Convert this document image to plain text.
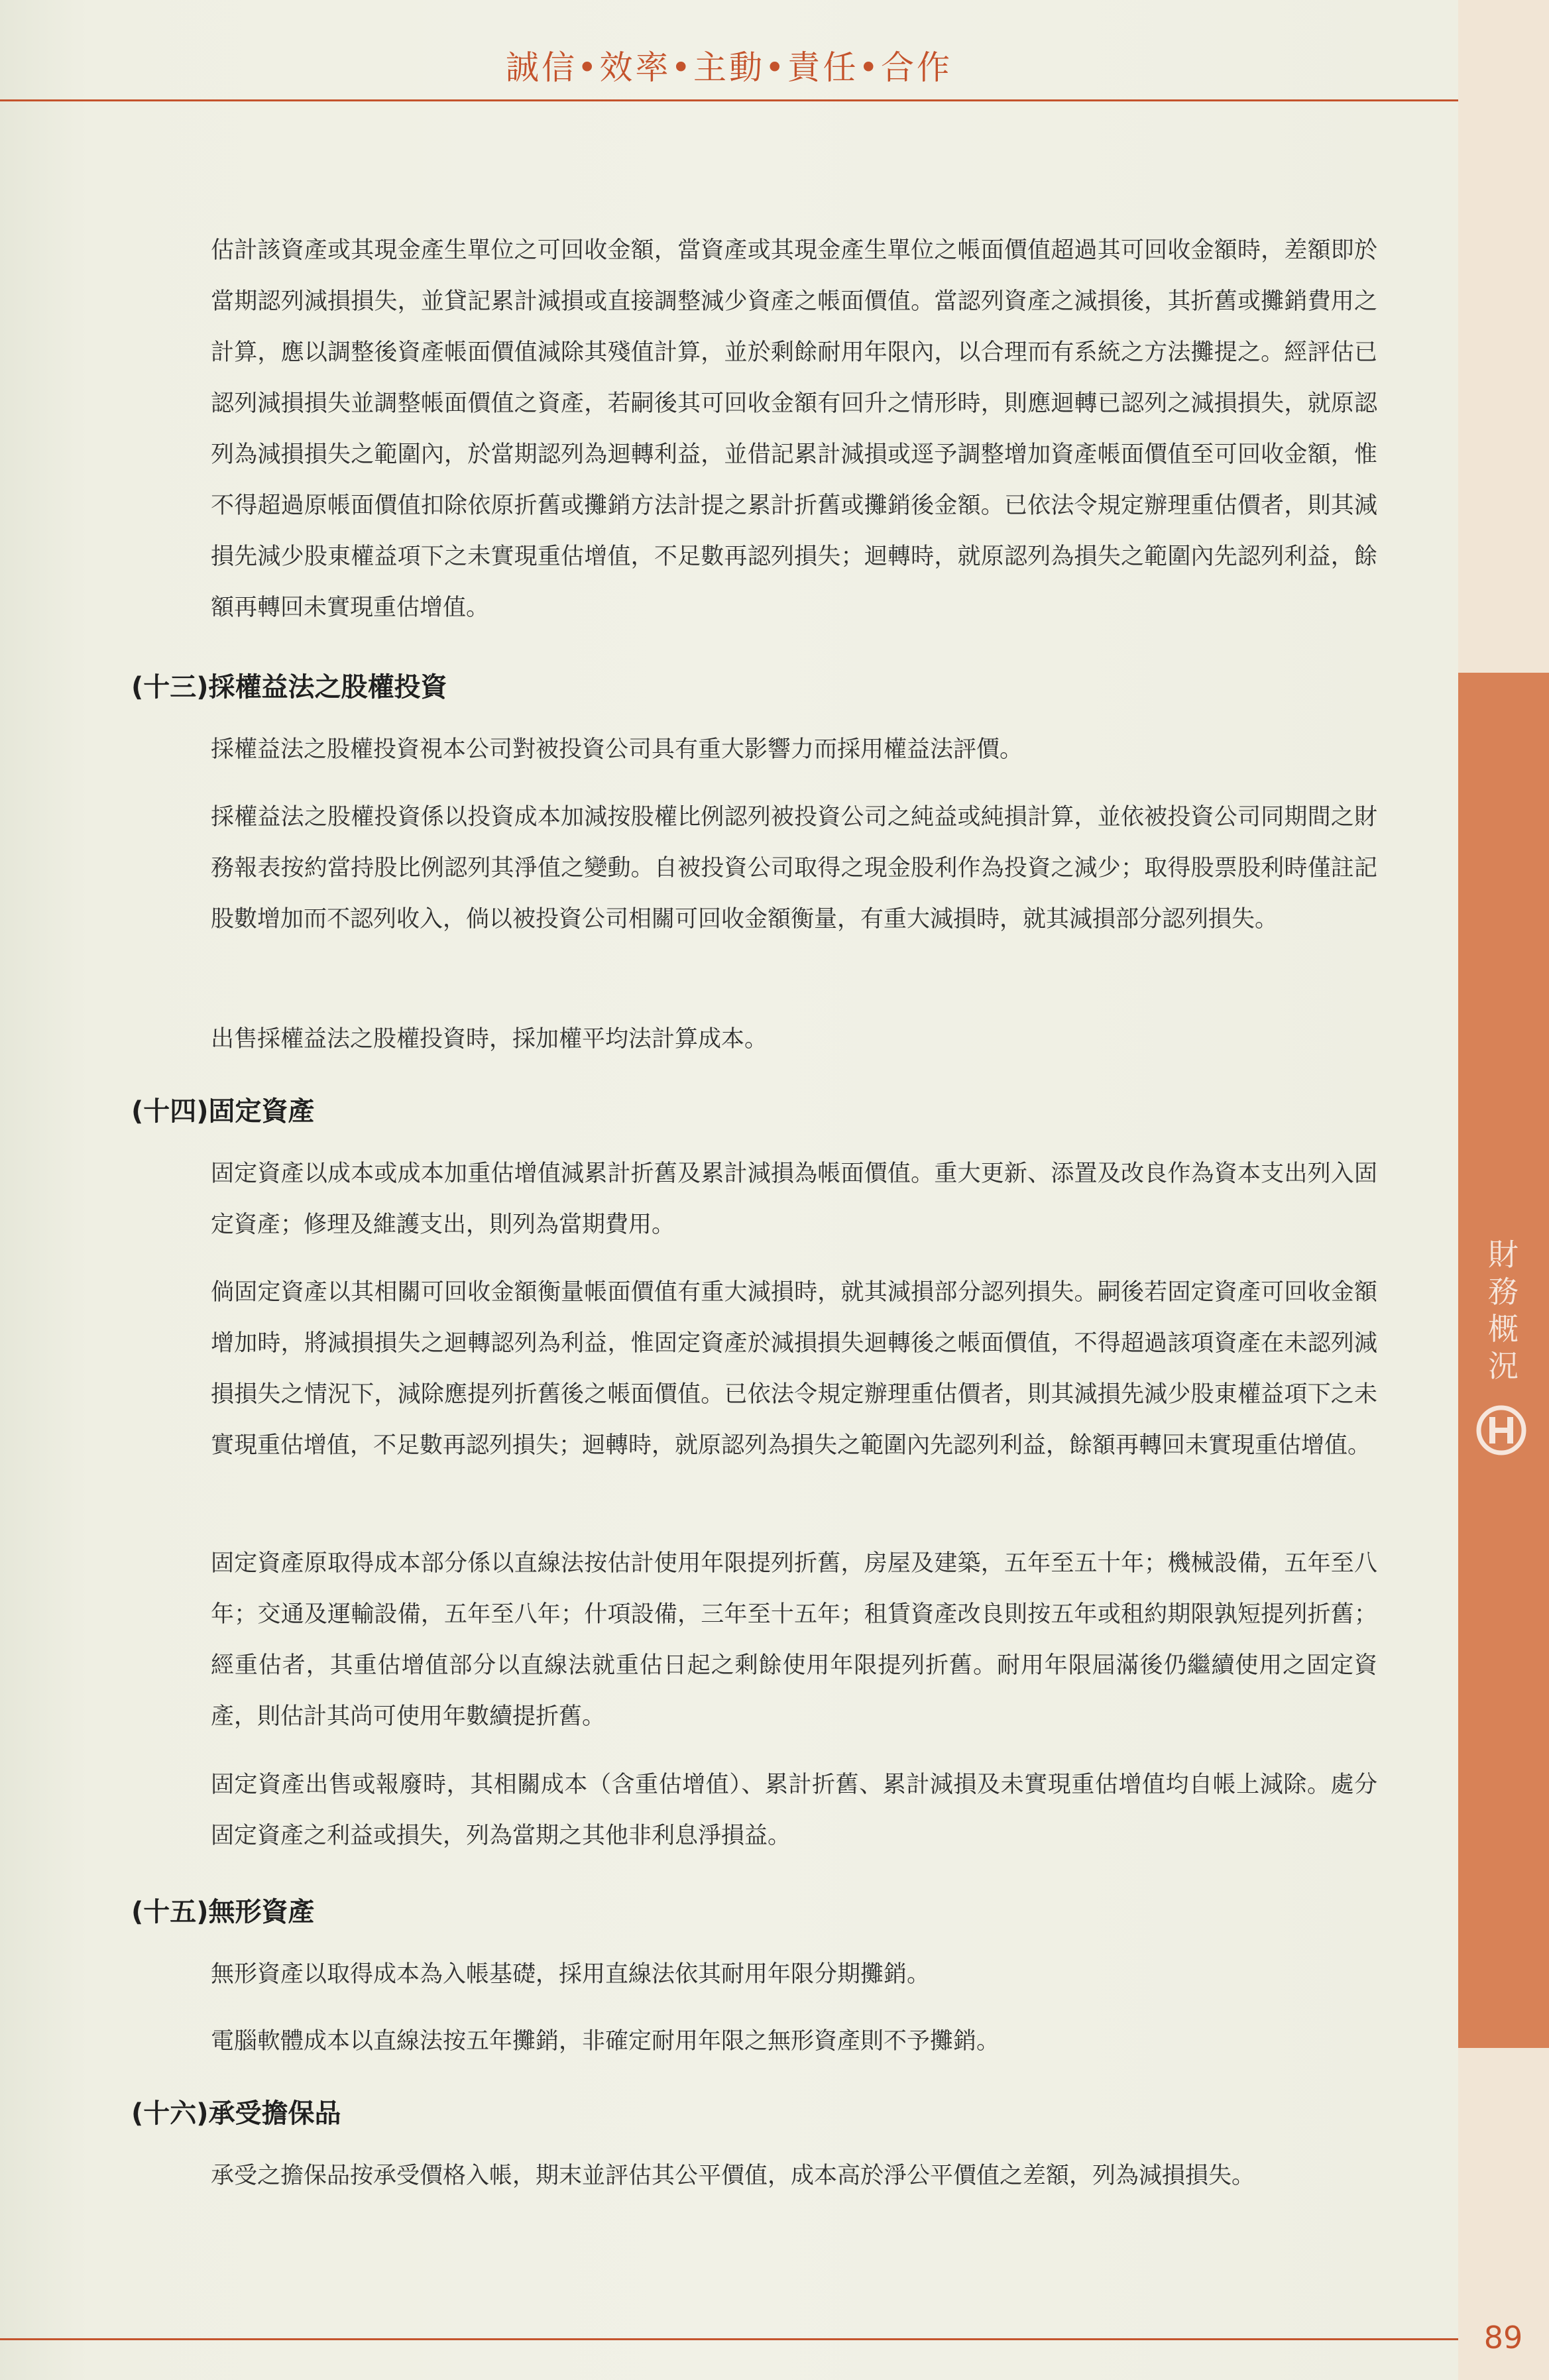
誠信•效率•主動•責任•合作
財
務
概
況
估計該資產或其現金產生單位之可回收金額，當資產或其現金產生單位之帳面價值超過其可回收金額時，差額即於當期認列減損損失，並貸記累計減損或直接調整減少資產之帳面價值。當認列資產之減損後，其折舊或攤銷費用之計算，應以調整後資產帳面價值減除其殘值計算，並於剩餘耐用年限內，以合理而有系統之方法攤提之。經評估已認列減損損失並調整帳面價值之資產，若嗣後其可回收金額有回升之情形時，則應迴轉已認列之減損損失，就原認列為減損損失之範圍內，於當期認列為迴轉利益，並借記累計減損或逕予調整增加資產帳面價值至可回收金額，惟不得超過原帳面價值扣除依原折舊或攤銷方法計提之累計折舊或攤銷後金額。已依法令規定辦理重估價者，則其減損先減少股東權益項下之未實現重估增值，不足數再認列損失；迴轉時，就原認列為損失之範圍內先認列利益，餘額再轉回未實現重估增值。
(十三)採權益法之股權投資
採權益法之股權投資視本公司對被投資公司具有重大影響力而採用權益法評價。
採權益法之股權投資係以投資成本加減按股權比例認列被投資公司之純益或純損計算，並依被投資公司同期間之財務報表按約當持股比例認列其淨值之變動。自被投資公司取得之現金股利作為投資之減少；取得股票股利時僅註記股數增加而不認列收入，倘以被投資公司相關可回收金額衡量，有重大減損時，就其減損部分認列損失。
出售採權益法之股權投資時，採加權平均法計算成本。
(十四)固定資產
固定資產以成本或成本加重估增值減累計折舊及累計減損為帳面價值。重大更新、添置及改良作為資本支出列入固定資產；修理及維護支出，則列為當期費用。
倘固定資產以其相關可回收金額衡量帳面價值有重大減損時，就其減損部分認列損失。嗣後若固定資產可回收金額增加時，將減損損失之迴轉認列為利益，惟固定資產於減損損失迴轉後之帳面價值，不得超過該項資產在未認列減損損失之情況下，減除應提列折舊後之帳面價值。已依法令規定辦理重估價者，則其減損先減少股東權益項下之未實現重估增值，不足數再認列損失；迴轉時，就原認列為損失之範圍內先認列利益，餘額再轉回未實現重估增值。
固定資產原取得成本部分係以直線法按估計使用年限提列折舊，房屋及建築，五年至五十年；機械設備，五年至八年；交通及運輸設備，五年至八年；什項設備，三年至十五年；租賃資產改良則按五年或租約期限孰短提列折舊；經重估者，其重估增值部分以直線法就重估日起之剩餘使用年限提列折舊。耐用年限屆滿後仍繼續使用之固定資產，則估計其尚可使用年數續提折舊。
固定資產出售或報廢時，其相關成本（含重估增值）、累計折舊、累計減損及未實現重估增值均自帳上減除。處分固定資產之利益或損失，列為當期之其他非利息淨損益。
(十五)無形資產
無形資產以取得成本為入帳基礎，採用直線法依其耐用年限分期攤銷。
電腦軟體成本以直線法按五年攤銷，非確定耐用年限之無形資產則不予攤銷。
(十六)承受擔保品
承受之擔保品按承受價格入帳，期末並評估其公平價值，成本高於淨公平價值之差額，列為減損損失。
89
